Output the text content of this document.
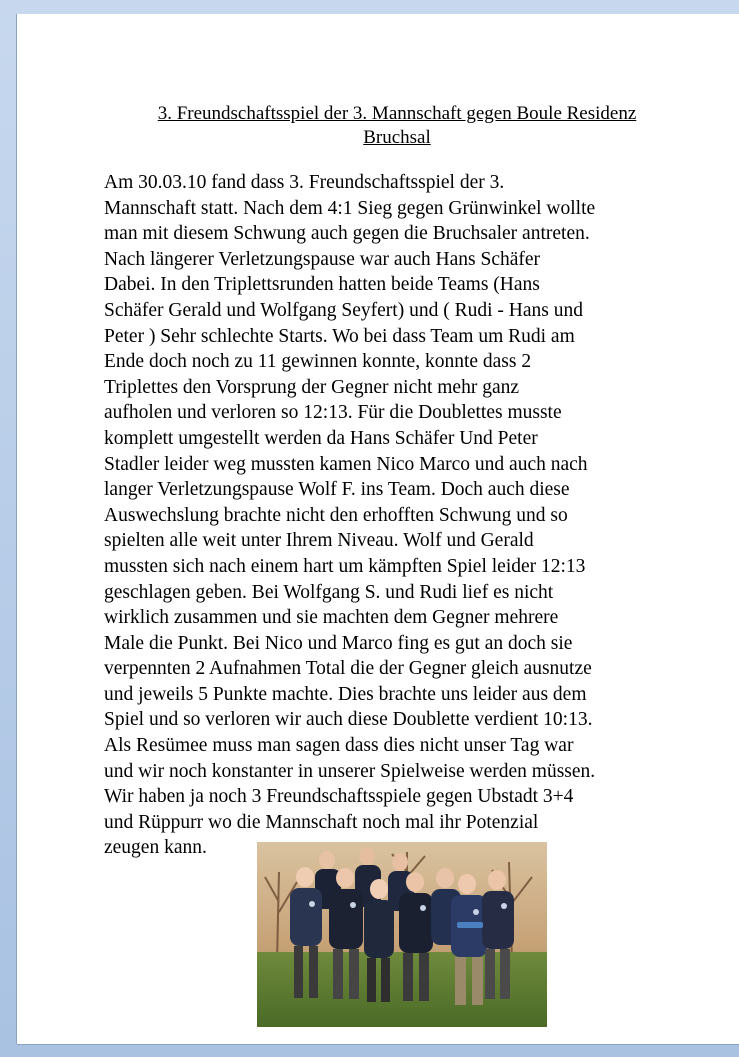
3. Freundschaftsspiel der 3. Mannschaft gegen Boule Residenz
Bruchsal
Am 30.03.10 fand dass 3. Freundschaftsspiel der 3.
Mannschaft statt. Nach dem 4:1 Sieg gegen Grünwinkel wollte
man mit diesem Schwung auch gegen die Bruchsaler antreten.
Nach längerer Verletzungspause war auch Hans Schäfer
Dabei. In den Triplettsrunden hatten beide Teams (Hans
Schäfer Gerald und Wolfgang Seyfert) und ( Rudi - Hans und
Peter ) Sehr schlechte Starts. Wo bei dass Team um Rudi am
Ende doch noch zu 11 gewinnen konnte, konnte dass 2
Triplettes den Vorsprung der Gegner nicht mehr ganz
aufholen und verloren so 12:13. Für die Doublettes musste
komplett umgestellt werden da Hans Schäfer Und Peter
Stadler leider weg mussten kamen Nico Marco und auch nach
langer Verletzungspause Wolf F. ins Team. Doch auch diese
Auswechslung brachte nicht den erhofften Schwung und so
spielten alle weit unter Ihrem Niveau. Wolf und Gerald
mussten sich nach einem hart um kämpften Spiel leider 12:13
geschlagen geben. Bei Wolfgang S. und Rudi lief es nicht
wirklich zusammen und sie machten dem Gegner mehrere
Male die Punkt. Bei Nico und Marco fing es gut an doch sie
verpennten 2 Aufnahmen Total die der Gegner gleich ausnutze
und jeweils 5 Punkte machte. Dies brachte uns leider aus dem
Spiel und so verloren wir auch diese Doublette verdient 10:13.
Als Resümee muss man sagen dass dies nicht unser Tag war
und wir noch konstanter in unserer Spielweise werden müssen.
Wir haben ja noch 3 Freundschaftsspiele gegen Ubstadt 3+4
und Rüppurr wo die Mannschaft noch mal ihr Potenzial
zeugen kann.
